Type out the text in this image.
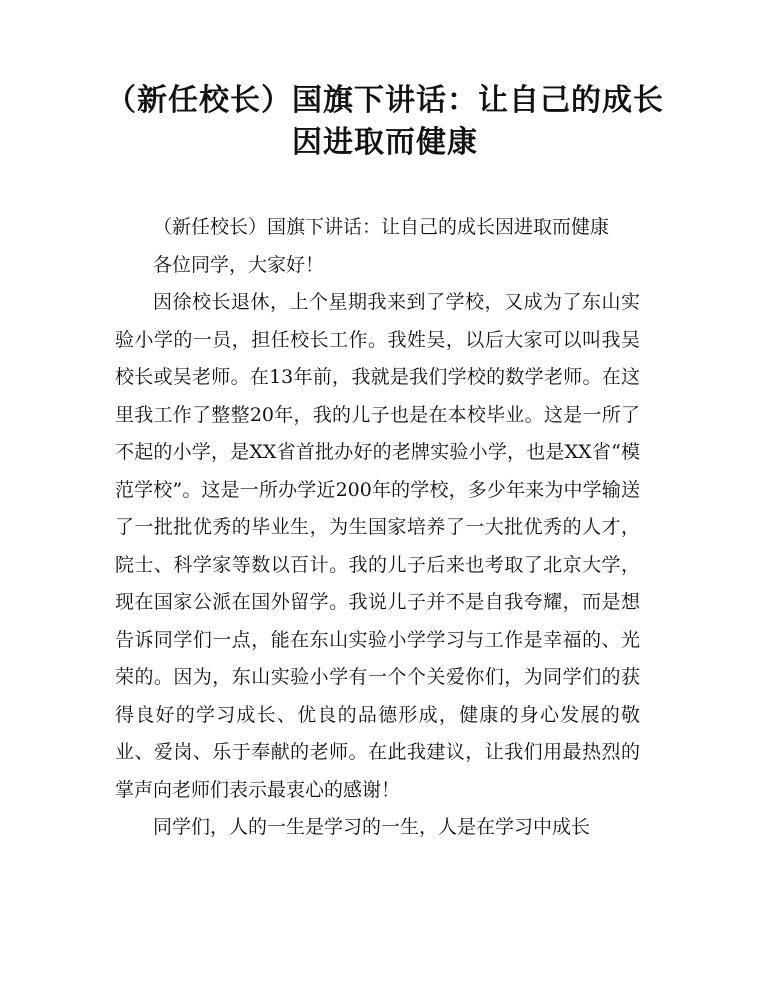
（新任校长）国旗下讲话：让自己的成长因进取而健康

（新任校长）国旗下讲话：让自己的成长因进取而健康

各位同学，大家好！

因徐校长退休，上个星期我来到了学校，又成为了东山实验小学的一员，担任校长工作。我姓吴，以后大家可以叫我吴校长或吴老师。在13年前，我就是我们学校的数学老师。在这里我工作了整整20年，我的儿子也是在本校毕业。这是一所了不起的小学，是XX省首批办好的老牌实验小学，也是XX省“模范学校”。这是一所办学近200年的学校，多少年来为中学输送了一批批优秀的毕业生，为生国家培养了一大批优秀的人才，院士、科学家等数以百计。我的儿子后来也考取了北京大学，现在国家公派在国外留学。我说儿子并不是自我夸耀，而是想告诉同学们一点，能在东山实验小学学习与工作是幸福的、光荣的。因为，东山实验小学有一个个关爱你们，为同学们的获得良好的学习成长、优良的品德形成，健康的身心发展的敬业、爱岗、乐于奉献的老师。在此我建议，让我们用最热烈的掌声向老师们表示最衷心的感谢！

同学们，人的一生是学习的一生，人是在学习中成长
